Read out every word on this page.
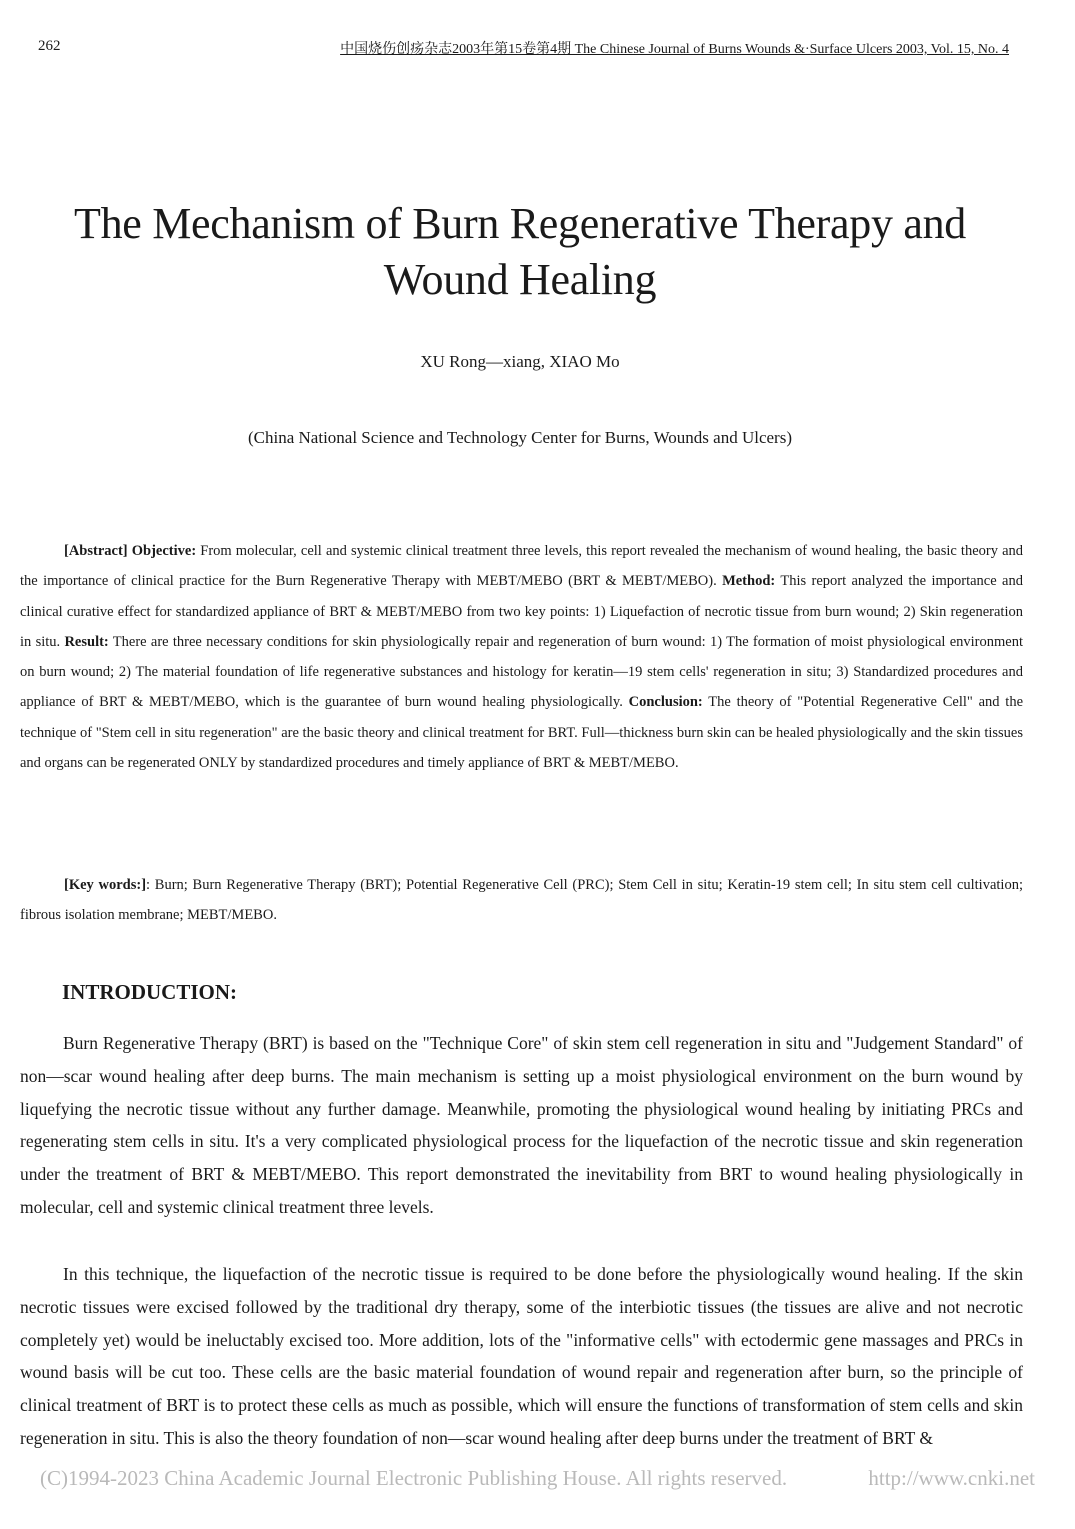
262	中国烧伤创疡杂志2003年第15卷第4期 The Chinese Journal of Burns Wounds &·Surface Ulcers 2003, Vol. 15, No. 4
The Mechanism of Burn Regenerative Therapy and Wound Healing
XU Rong—xiang, XIAO Mo
(China National Science and Technology Center for Burns, Wounds and Ulcers)

[Abstract] Objective: From molecular, cell and systemic clinical treatment three levels, this report revealed the mechanism of wound healing, the basic theory and the importance of clinical practice for the Burn Regenerative Therapy with MEBT/MEBO (BRT & MEBT/MEBO). Method: This report analyzed the importance and clinical curative effect for standardized appliance of BRT & MEBT/MEBO from two key points: 1) Liquefaction of necrotic tissue from burn wound; 2) Skin regeneration in situ. Result: There are three necessary conditions for skin physiologically repair and regeneration of burn wound: 1) The formation of moist physiological environment on burn wound; 2) The material foundation of life regenerative substances and histology for keratin—19 stem cells' regeneration in situ; 3) Standardized procedures and appliance of BRT & MEBT/MEBO, which is the guarantee of burn wound healing physiologically. Conclusion: The theory of "Potential Regenerative Cell" and the technique of "Stem cell in situ regeneration" are the basic theory and clinical treatment for BRT. Full—thickness burn skin can be healed physiologically and the skin tissues and organs can be regenerated ONLY by standardized procedures and timely appliance of BRT & MEBT/MEBO.

[Key words:]: Burn; Burn Regenerative Therapy (BRT); Potential Regenerative Cell (PRC); Stem Cell in situ; Keratin-19 stem cell; In situ stem cell cultivation; fibrous isolation membrane; MEBT/MEBO.

INTRODUCTION:

Burn Regenerative Therapy (BRT) is based on the "Technique Core" of skin stem cell regeneration in situ and "Judgement Standard" of non—scar wound healing after deep burns. The main mechanism is setting up a moist physiological environment on the burn wound by liquefying the necrotic tissue without any further damage. Meanwhile, promoting the physiological wound healing by initiating PRCs and regenerating stem cells in situ. It's a very complicated physiological process for the liquefaction of the necrotic tissue and skin regeneration under the treatment of BRT & MEBT/MEBO. This report demonstrated the inevitability from BRT to wound healing physiologically in molecular, cell and systemic clinical treatment three levels.

In this technique, the liquefaction of the necrotic tissue is required to be done before the physiologically wound healing. If the skin necrotic tissues were excised followed by the traditional dry therapy, some of the interbiotic tissues (the tissues are alive and not necrotic completely yet) would be ineluctably excised too. More addition, lots of the "informative cells" with ectodermic gene massages and PRCs in wound basis will be cut too. These cells are the basic material foundation of wound repair and regeneration after burn, so the principle of clinical treatment of BRT is to protect these cells as much as possible, which will ensure the functions of transformation of stem cells and skin regeneration in situ. This is also the theory foundation of non—scar wound healing after deep burns under the treatment of BRT &

(C)1994-2023 China Academic Journal Electronic Publishing House. All rights reserved.	http://www.cnki.net
